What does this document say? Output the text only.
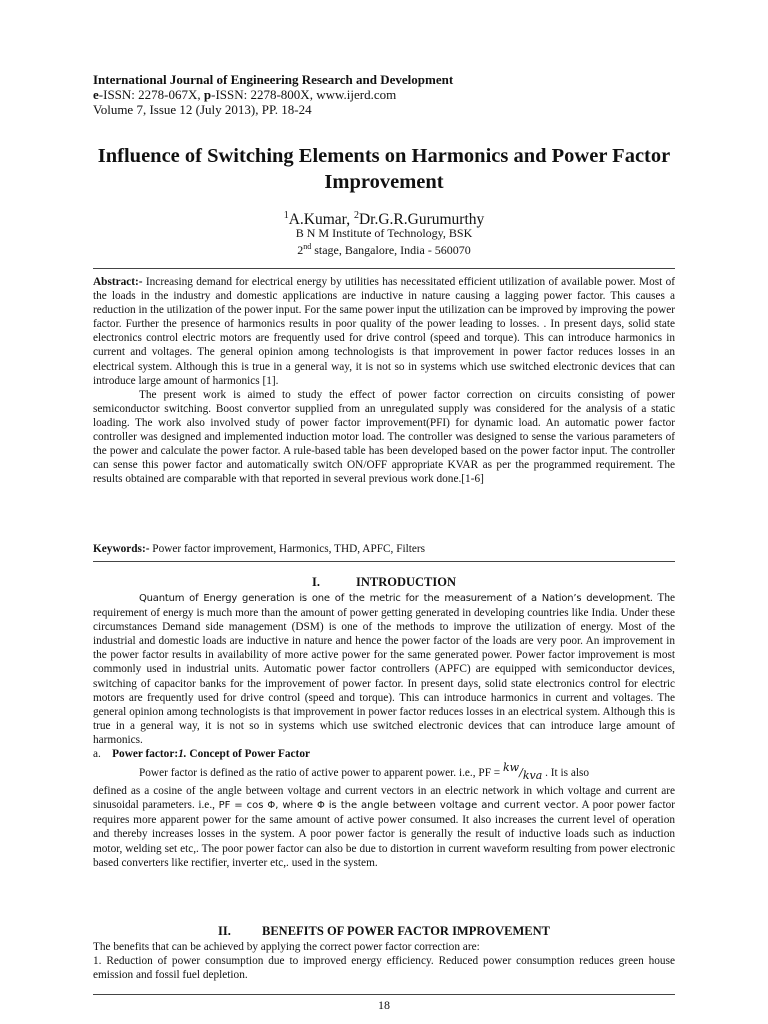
International Journal of Engineering Research and Development
e-ISSN: 2278-067X, p-ISSN: 2278-800X, www.ijerd.com
Volume 7, Issue 12 (July 2013), PP. 18-24
Influence of Switching Elements on Harmonics and Power Factor Improvement
$^1$A.Kumar, $^2$Dr.G.R.Gurumurthy
B N M Institute of Technology, BSK
2nd stage, Bangalore, India - 560070

Abstract:- Increasing demand for electrical energy by utilities has necessitated efficient utilization of available power. Most of the loads in the industry and domestic applications are inductive in nature causing a lagging power factor. This causes a reduction in the utilization of the power input. For the same power input the utilization can be improved by improving the power factor. Further the presence of harmonics results in poor quality of the power leading to losses. . In present days, solid state electronics control electric motors are frequently used for drive control (speed and torque). This can introduce harmonics in current and voltages. The general opinion among technologists is that improvement in power factor reduces losses in an electrical system. Although this is true in a general way, it is not so in systems which use switched electronic devices that can introduce large amount of harmonics [1].

The present work is aimed to study the effect of power factor correction on circuits consisting of power semiconductor switching. Boost convertor supplied from an unregulated supply was considered for the analysis of a static loading. The work also involved study of power factor improvement(PFI) for dynamic load. An automatic power factor controller was designed and implemented induction motor load. The controller was designed to sense the various parameters of the power and calculate the power factor. A rule-based table has been developed based on the power factor input. The controller can sense this power factor and automatically switch ON/OFF appropriate KVAR as per the programmed requirement. The results obtained are comparable with that reported in several previous work done.[1-6]

Keywords:- Power factor improvement, Harmonics, THD, APFC, Filters
I.	INTRODUCTION

Quantum of Energy generation is one of the metric for the measurement of a Nation’s development. The requirement of energy is much more than the amount of power getting generated in developing countries like India. Under these circumstances Demand side management (DSM) is one of the methods to improve the utilization of energy. Most of the industrial and domestic loads are inductive in nature and hence the power factor of the loads are very poor. An improvement in the power factor results in availability of more active power for the same generated power. Power factor improvement is most commonly used in industrial units. Automatic power factor controllers (APFC) are equipped with semiconductor devices, switching of capacitor banks for the improvement of power factor. In present days, solid state electronics control for electric motors are frequently used for drive control (speed and torque). This can introduce harmonics in current and voltages. The general opinion among technologists is that improvement in power factor reduces losses in an electrical system. Although this is true in a general way, it is not so in systems which use switched electronic devices that can introduce large amount of harmonics.

a. Power factor:1. Concept of Power Factor

Power factor is defined as the ratio of active power to apparent power. i.e., PF = kw/kva . It is also

defined as a cosine of the angle between voltage and current vectors in an electric network in which voltage and current are sinusoidal parameters. i.e., PF = cos Φ, where Φ is the angle between voltage and current vector. A poor power factor requires more apparent power for the same amount of active power consumed. It also increases the current level of operation and thereby increases losses in the system. A poor power factor is generally the result of inductive loads such as induction motor, welding set etc,. The poor power factor can also be due to distortion in current waveform resulting from power electronic based converters like rectifier, inverter etc,. used in the system.

II. BENEFITS OF POWER FACTOR IMPROVEMENT

The benefits that can be achieved by applying the correct power factor correction are:

1. Reduction of power consumption due to improved energy efficiency. Reduced power consumption reduces green house emission and fossil fuel depletion.

18
